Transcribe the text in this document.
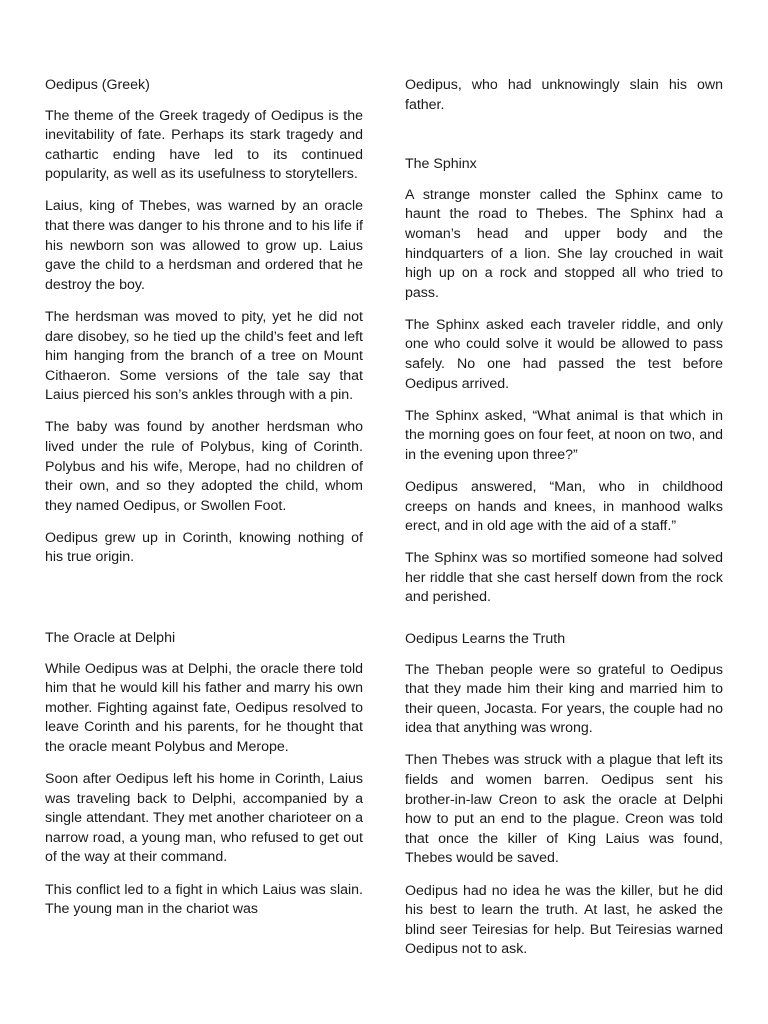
Oedipus (Greek)

The theme of the Greek tragedy of Oedipus is the inevitability of fate. Perhaps its stark tragedy and cathartic ending have led to its continued popularity, as well as its usefulness to storytellers.

Laius, king of Thebes, was warned by an oracle that there was danger to his throne and to his life if his newborn son was allowed to grow up. Laius gave the child to a herdsman and ordered that he destroy the boy.

The herdsman was moved to pity, yet he did not dare disobey, so he tied up the child’s feet and left him hanging from the branch of a tree on Mount Cithaeron. Some versions of the tale say that Laius pierced his son’s ankles through with a pin.

The baby was found by another herdsman who lived under the rule of Polybus, king of Corinth. Polybus and his wife, Merope, had no children of their own, and so they adopted the child, whom they named Oedipus, or Swollen Foot.

Oedipus grew up in Corinth, knowing nothing of his true origin.

Oedipus, who had unknowingly slain his own father.

The Sphinx

A strange monster called the Sphinx came to haunt the road to Thebes. The Sphinx had a woman’s head and upper body and the hindquarters of a lion. She lay crouched in wait high up on a rock and stopped all who tried to pass.

The Sphinx asked each traveler riddle, and only one who could solve it would be allowed to pass safely. No one had passed the test before Oedipus arrived.

The Sphinx asked, “What animal is that which in the morning goes on four feet, at noon on two, and in the evening upon three?”

Oedipus answered, “Man, who in childhood creeps on hands and knees, in manhood walks erect, and in old age with the aid of a staff.”

The Sphinx was so mortified someone had solved her riddle that she cast herself down from the rock and perished.

The Oracle at Delphi

While Oedipus was at Delphi, the oracle there told him that he would kill his father and marry his own mother. Fighting against fate, Oedipus resolved to leave Corinth and his parents, for he thought that the oracle meant Polybus and Merope.

Soon after Oedipus left his home in Corinth, Laius was traveling back to Delphi, accompanied by a single attendant. They met another charioteer on a narrow road, a young man, who refused to get out of the way at their command.

This conflict led to a fight in which Laius was slain. The young man in the chariot was

Oedipus Learns the Truth

The Theban people were so grateful to Oedipus that they made him their king and married him to their queen, Jocasta. For years, the couple had no idea that anything was wrong.

Then Thebes was struck with a plague that left its fields and women barren. Oedipus sent his brother-in-law Creon to ask the oracle at Delphi how to put an end to the plague. Creon was told that once the killer of King Laius was found, Thebes would be saved.

Oedipus had no idea he was the killer, but he did his best to learn the truth. At last, he asked the blind seer Teiresias for help. But Teiresias warned Oedipus not to ask.
